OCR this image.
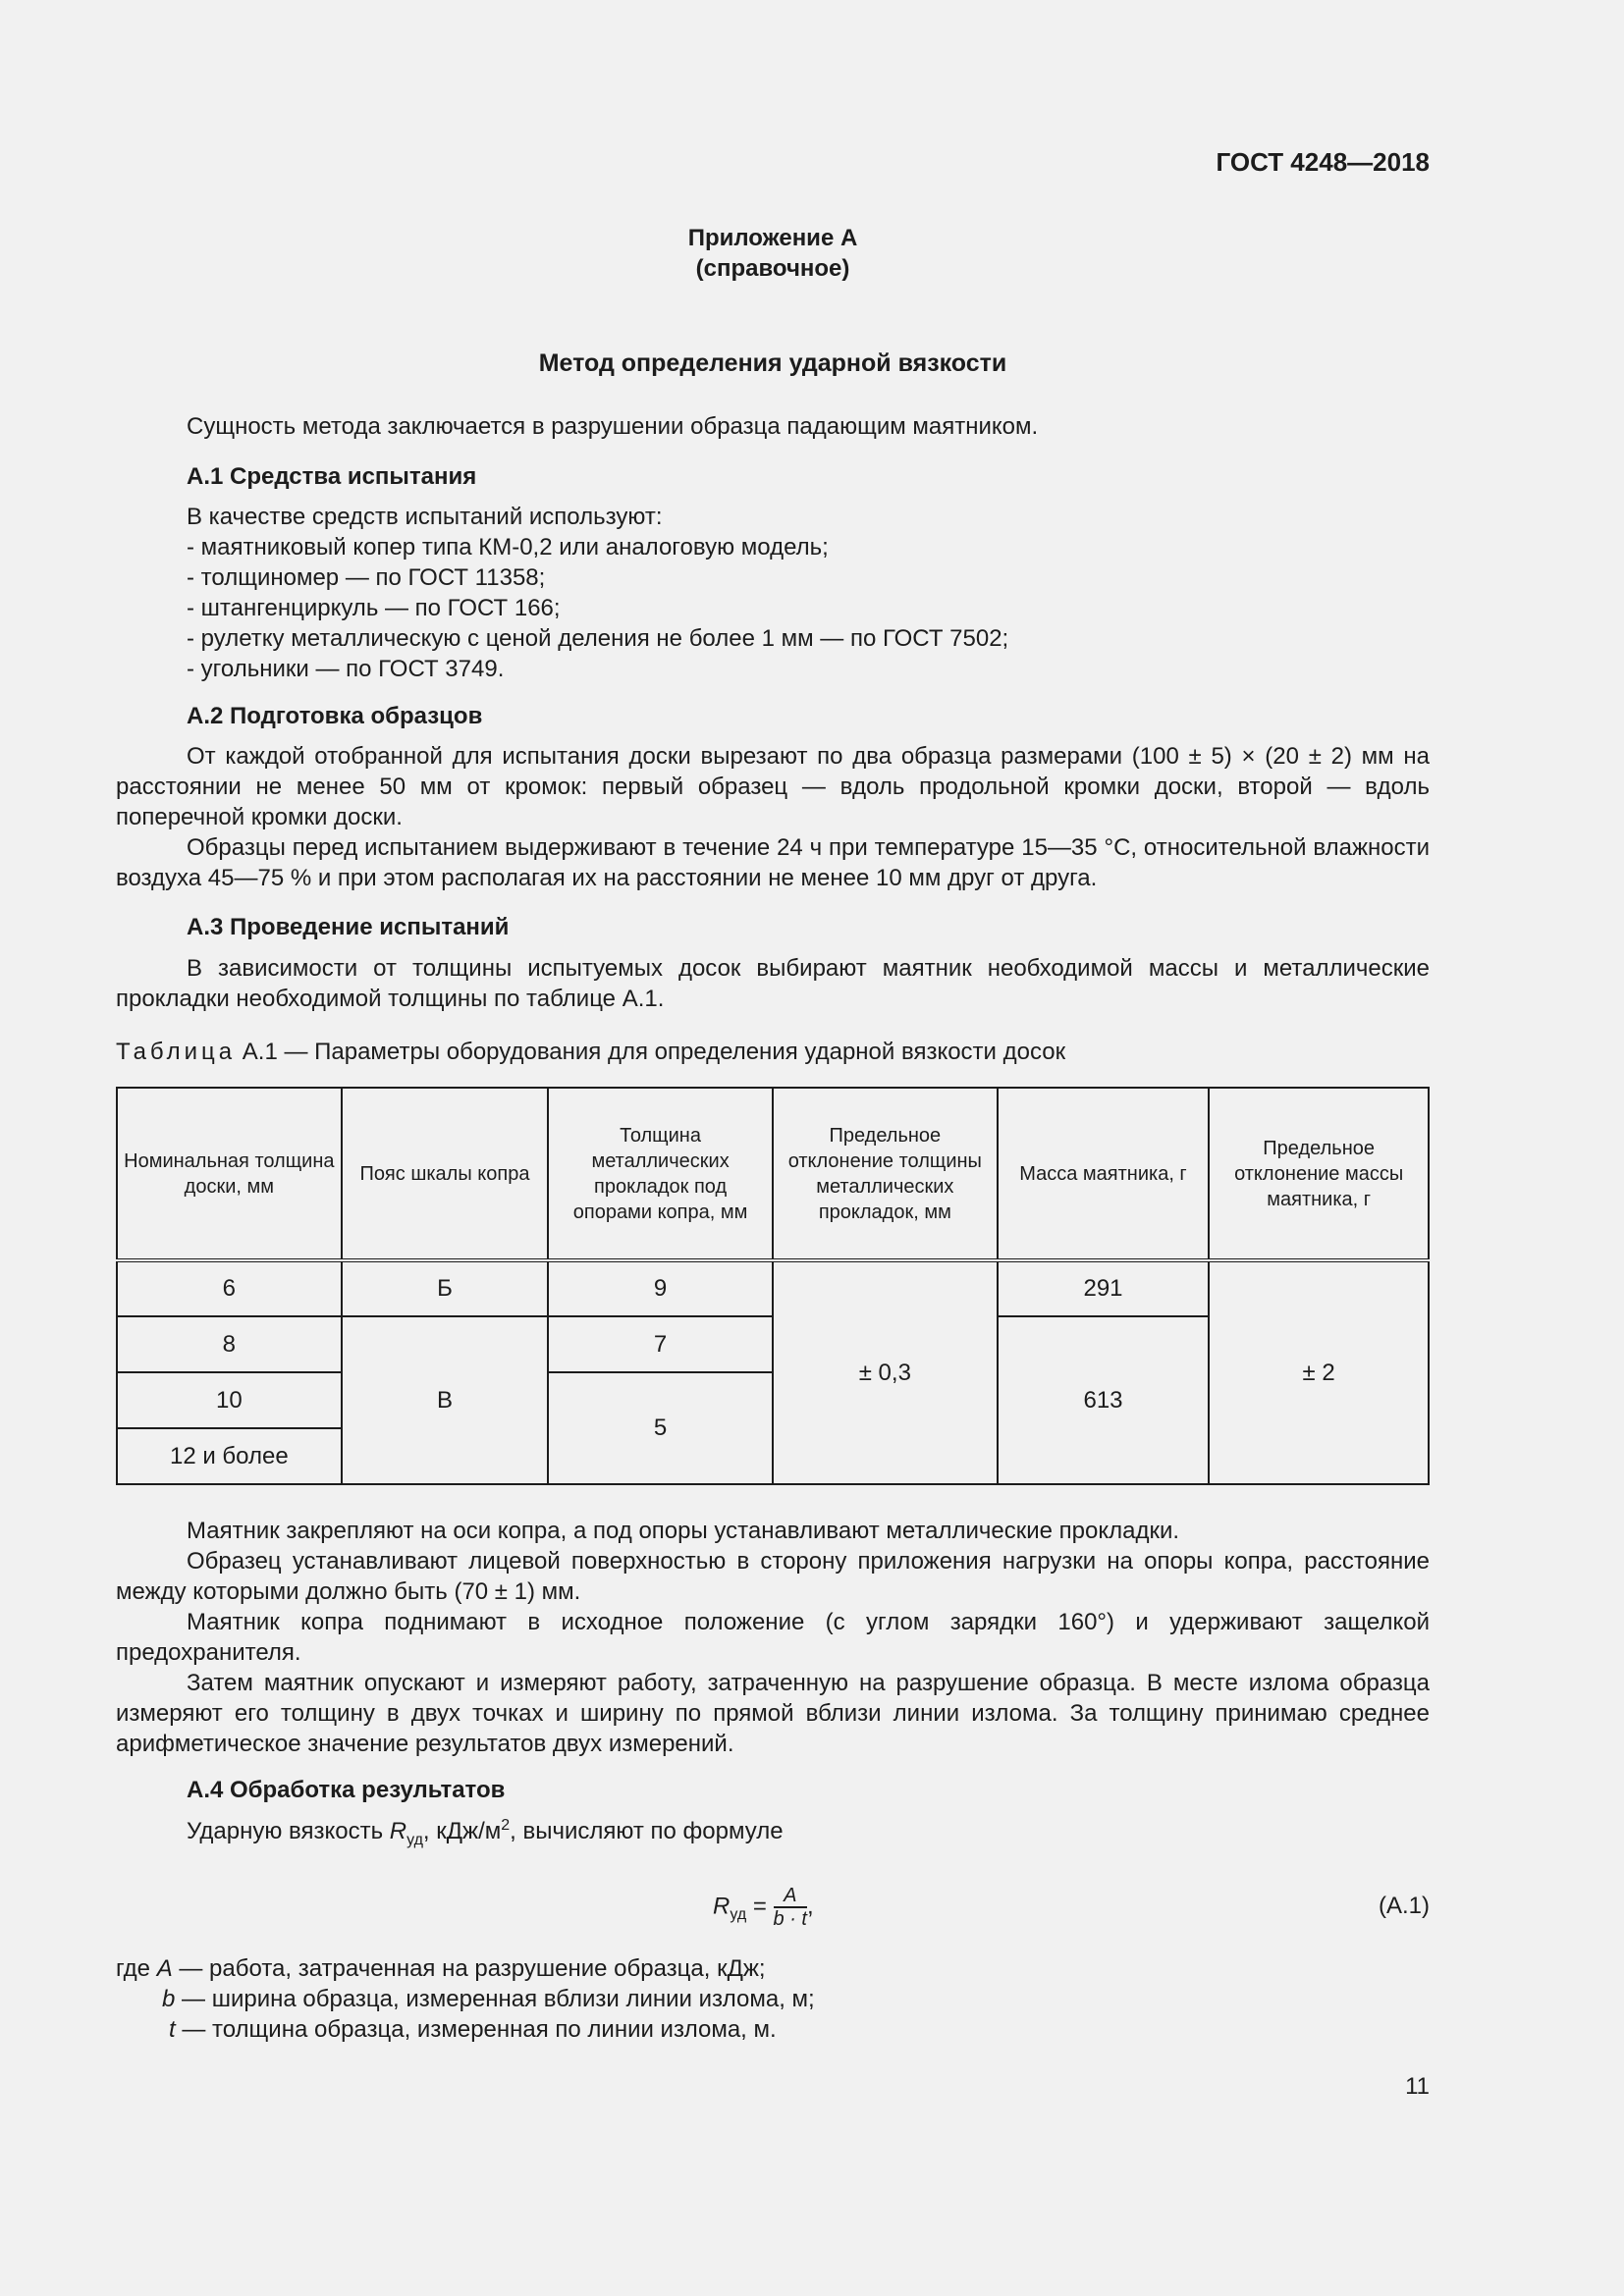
ГОСТ 4248—2018
Приложение А
(справочное)
Метод определения ударной вязкости

Сущность метода заключается в разрушении образца падающим маятником.

А.1 Средства испытания

В качестве средств испытаний используют:

- маятниковый копер типа КМ-0,2 или аналоговую модель;

- толщиномер — по ГОСТ 11358;

- штангенциркуль — по ГОСТ 166;

- рулетку металлическую с ценой деления не более 1 мм — по ГОСТ 7502;

- угольники — по ГОСТ 3749.

А.2 Подготовка образцов

От каждой отобранной для испытания доски вырезают по два образца размерами (100 ± 5) × (20 ± 2) мм на расстоянии не менее 50 мм от кромок: первый образец — вдоль продольной кромки доски, второй — вдоль поперечной кромки доски.

Образцы перед испытанием выдерживают в течение 24 ч при температуре 15—35 °С, относительной влажности воздуха 45—75 % и при этом располагая их на расстоянии не менее 10 мм друг от друга.

А.3 Проведение испытаний

В зависимости от толщины испытуемых досок выбирают маятник необходимой массы и металлические прокладки необходимой толщины по таблице А.1.

Таблица А.1 — Параметры оборудования для определения ударной вязкости досок
Номинальная толщина доски, мм	Пояс шкалы копра	Толщина металлических прокладок под опорами копра, мм	Предельное отклонение толщины металлических прокладок, мм	Масса маятника, г	Предельное отклонение массы маятника, г
6	Б	9	± 0,3	291	± 2
8	В	7		613	
10		5			
12 и более					

Маятник закрепляют на оси копра, а под опоры устанавливают металлические прокладки.

Образец устанавливают лицевой поверхностью в сторону приложения нагрузки на опоры копра, расстояние между которыми должно быть (70 ± 1) мм.

Маятник копра поднимают в исходное положение (с углом зарядки 160°) и удерживают защелкой предохранителя.

Затем маятник опускают и измеряют работу, затраченную на разрушение образца. В месте излома образца измеряют его толщину в двух точках и ширину по прямой вблизи линии излома. За толщину принимаю среднее арифметическое значение результатов двух измерений.

А.4 Обработка результатов

Ударную вязкость $R_{уд}$, кДж/$м^2$, вычисляют по формуле

$R_{уд} = \frac{A}{b \cdot t}$ ,	(А.1)
где A — работа, затраченная на разрушение образца, кДж;
b — ширина образца, измеренная вблизи линии излома, м;
t — толщина образца, измеренная по линии излома, м.
11
